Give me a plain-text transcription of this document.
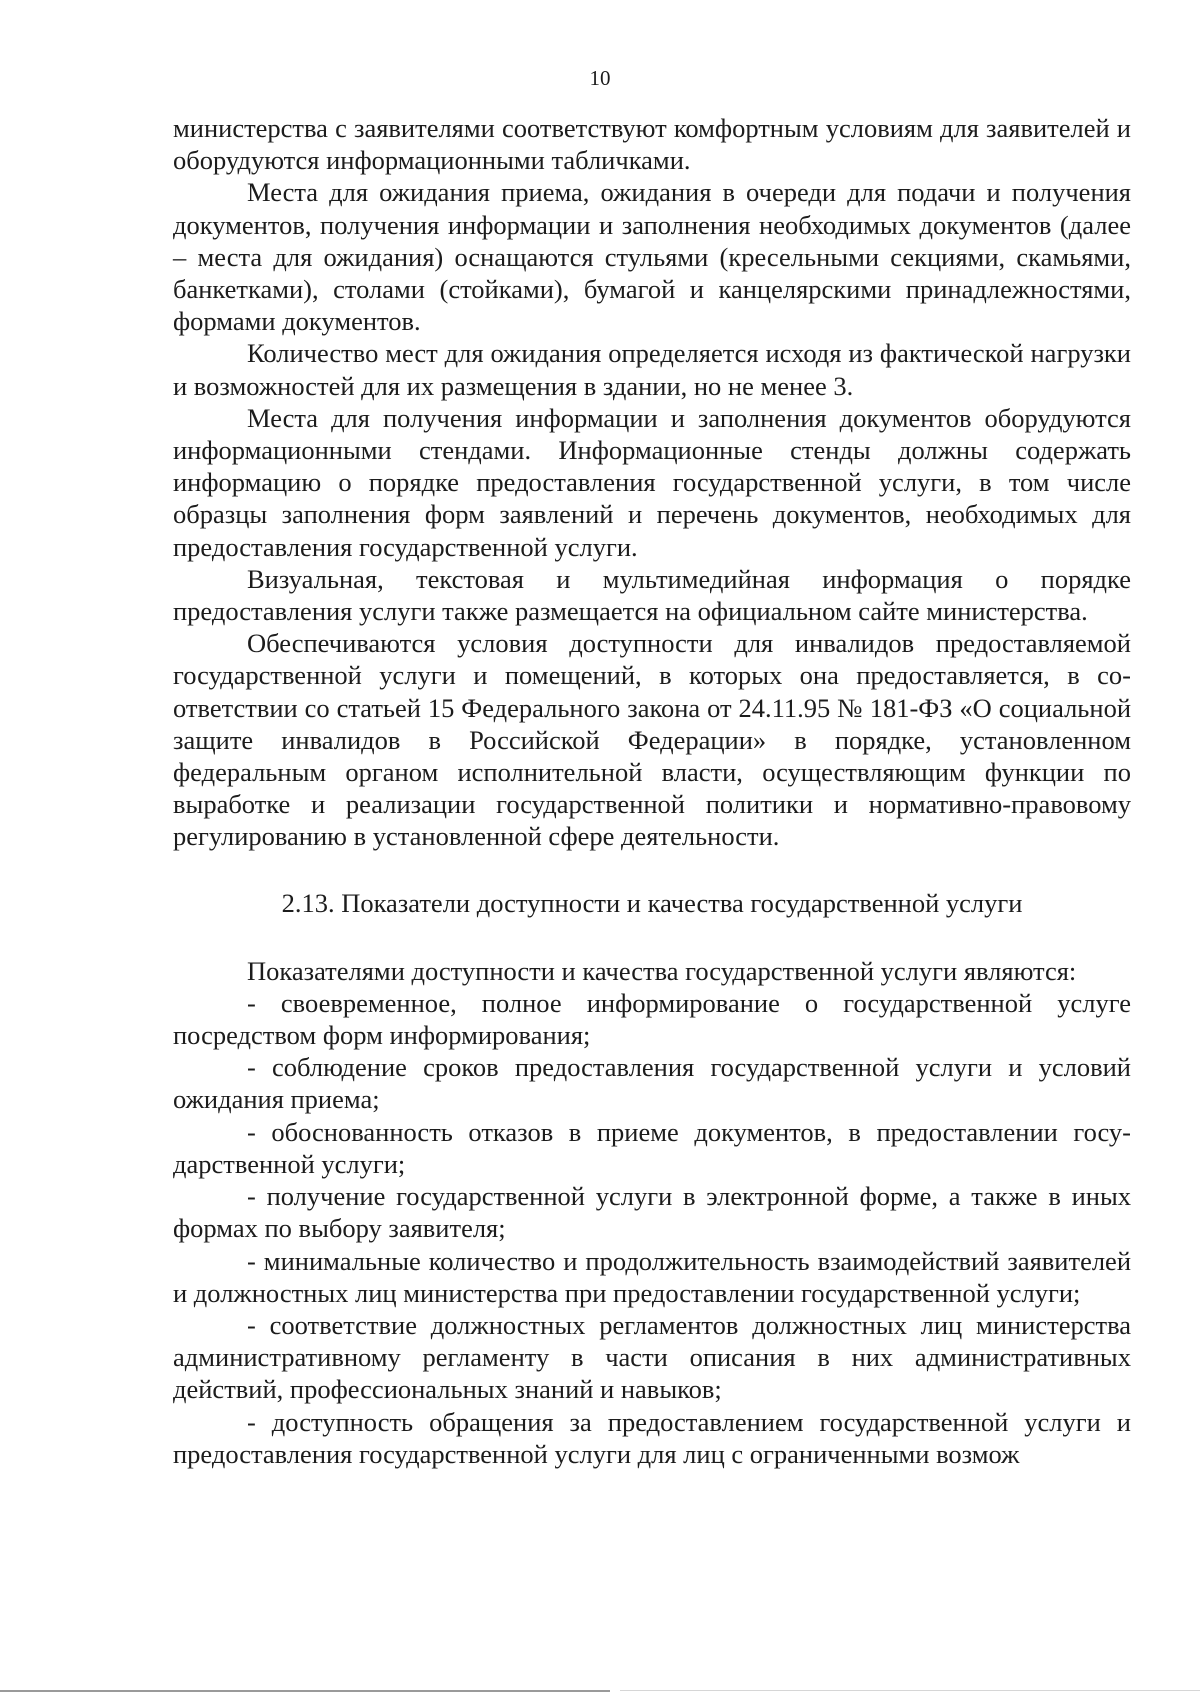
10

министерства с заявителями соответствуют комфортным условиям для заявителей и оборудуются информационными табличками.

Места для ожидания приема, ожидания в очереди для подачи и получения документов, получения информации и заполнения необходимых документов (далее – места для ожидания) оснащаются стульями (кресельными секциями, скамьями, банкетками), столами (стойками), бумагой и канцелярскими принадлежностями, формами документов.

Количество мест для ожидания определяется исходя из фактической нагрузки и возможностей для их размещения в здании, но не менее 3.

Места для получения информации и заполнения документов оборудуются информационными стендами. Информационные стенды должны содержать информацию о порядке предоставления государственной услуги, в том числе образцы заполнения форм заявлений и перечень документов, необходимых для предоставления государственной услуги.

Визуальная, текстовая и мультимедийная информация о порядке предоставления услуги также размещается на официальном сайте министерства.

Обеспечиваются условия доступности для инвалидов предоставляемой государственной услуги и помещений, в которых она предоставляется, в соответствии со статьей 15 Федерального закона от 24.11.95 № 181-ФЗ «О социальной защите инвалидов в Российской Федерации» в порядке, установленном федеральным органом исполнительной власти, осуществляющим функции по выработке и реализации государственной политики и нормативно-правовому регулированию в установленной сфере деятельности.

2.13. Показатели доступности и качества государственной услуги

Показателями доступности и качества государственной услуги являются:

- своевременное, полное информирование о государственной услуге посредством форм информирования;

- соблюдение сроков предоставления государственной услуги и условий ожидания приема;

- обоснованность отказов в приеме документов, в предоставлении государственной услуги;

- получение государственной услуги в электронной форме, а также в иных формах по выбору заявителя;

- минимальные количество и продолжительность взаимодействий заявителей и должностных лиц министерства при предоставлении государственной услуги;

- соответствие должностных регламентов должностных лиц министерства административному регламенту в части описания в них административных действий, профессиональных знаний и навыков;

- доступность обращения за предоставлением государственной услуги и предоставления государственной услуги для лиц с ограниченными возмож
